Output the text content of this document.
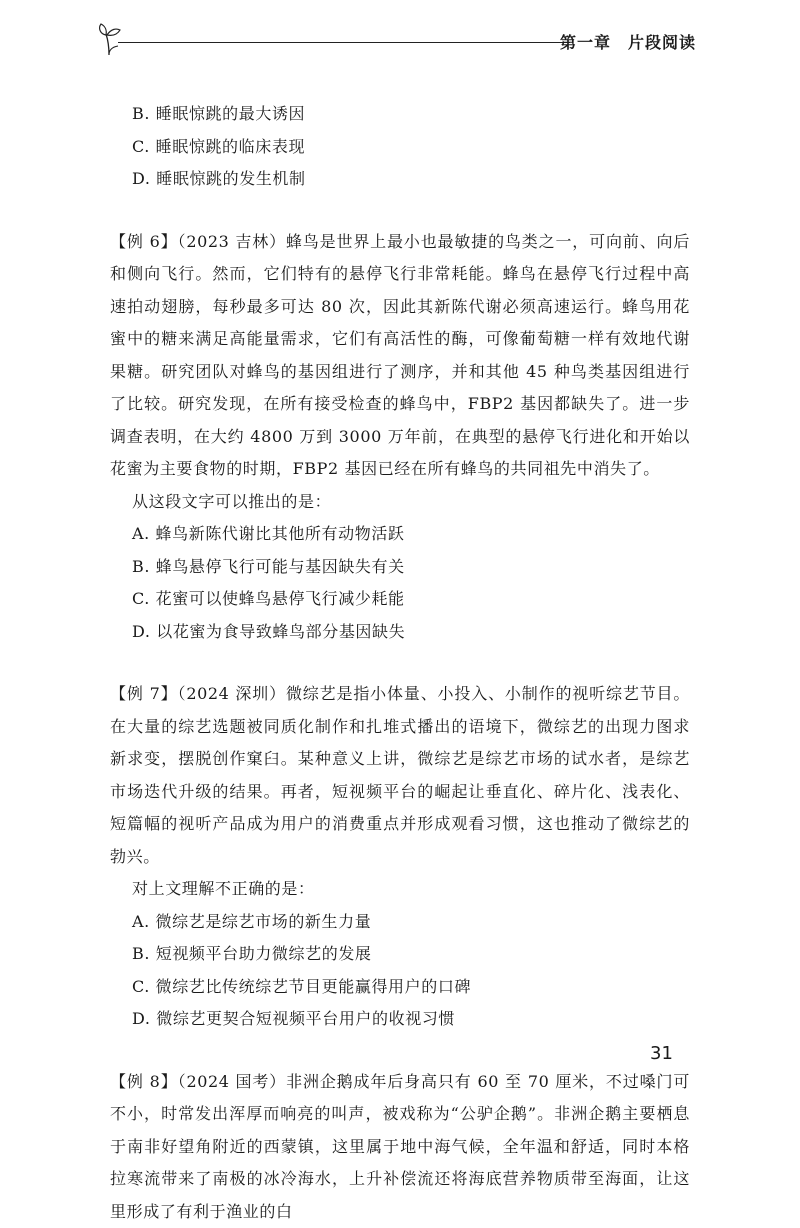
第一章　片段阅读

B. 睡眠惊跳的最大诱因

C. 睡眠惊跳的临床表现

D. 睡眠惊跳的发生机制

【例 6】（2023 吉林）蜂鸟是世界上最小也最敏捷的鸟类之一，可向前、向后和侧向飞行。然而，它们特有的悬停飞行非常耗能。蜂鸟在悬停飞行过程中高速拍动翅膀，每秒最多可达 80 次，因此其新陈代谢必须高速运行。蜂鸟用花蜜中的糖来满足高能量需求，它们有高活性的酶，可像葡萄糖一样有效地代谢果糖。研究团队对蜂鸟的基因组进行了测序，并和其他 45 种鸟类基因组进行了比较。研究发现，在所有接受检查的蜂鸟中，FBP2 基因都缺失了。进一步调查表明，在大约 4800 万到 3000 万年前，在典型的悬停飞行进化和开始以花蜜为主要食物的时期，FBP2 基因已经在所有蜂鸟的共同祖先中消失了。

从这段文字可以推出的是：

A. 蜂鸟新陈代谢比其他所有动物活跃

B. 蜂鸟悬停飞行可能与基因缺失有关

C. 花蜜可以使蜂鸟悬停飞行减少耗能

D. 以花蜜为食导致蜂鸟部分基因缺失

【例 7】（2024 深圳）微综艺是指小体量、小投入、小制作的视听综艺节目。在大量的综艺选题被同质化制作和扎堆式播出的语境下，微综艺的出现力图求新求变，摆脱创作窠臼。某种意义上讲，微综艺是综艺市场的试水者，是综艺市场迭代升级的结果。再者，短视频平台的崛起让垂直化、碎片化、浅表化、短篇幅的视听产品成为用户的消费重点并形成观看习惯，这也推动了微综艺的勃兴。

对上文理解不正确的是：

A. 微综艺是综艺市场的新生力量

B. 短视频平台助力微综艺的发展

C. 微综艺比传统综艺节目更能赢得用户的口碑

D. 微综艺更契合短视频平台用户的收视习惯

【例 8】（2024 国考）非洲企鹅成年后身高只有 60 至 70 厘米，不过嗓门可不小，时常发出浑厚而响亮的叫声，被戏称为“公驴企鹅”。非洲企鹅主要栖息于南非好望角附近的西蒙镇，这里属于地中海气候，全年温和舒适，同时本格拉寒流带来了南极的冰冷海水，上升补偿流还将海底营养物质带至海面，让这里形成了有利于渔业的白

31
